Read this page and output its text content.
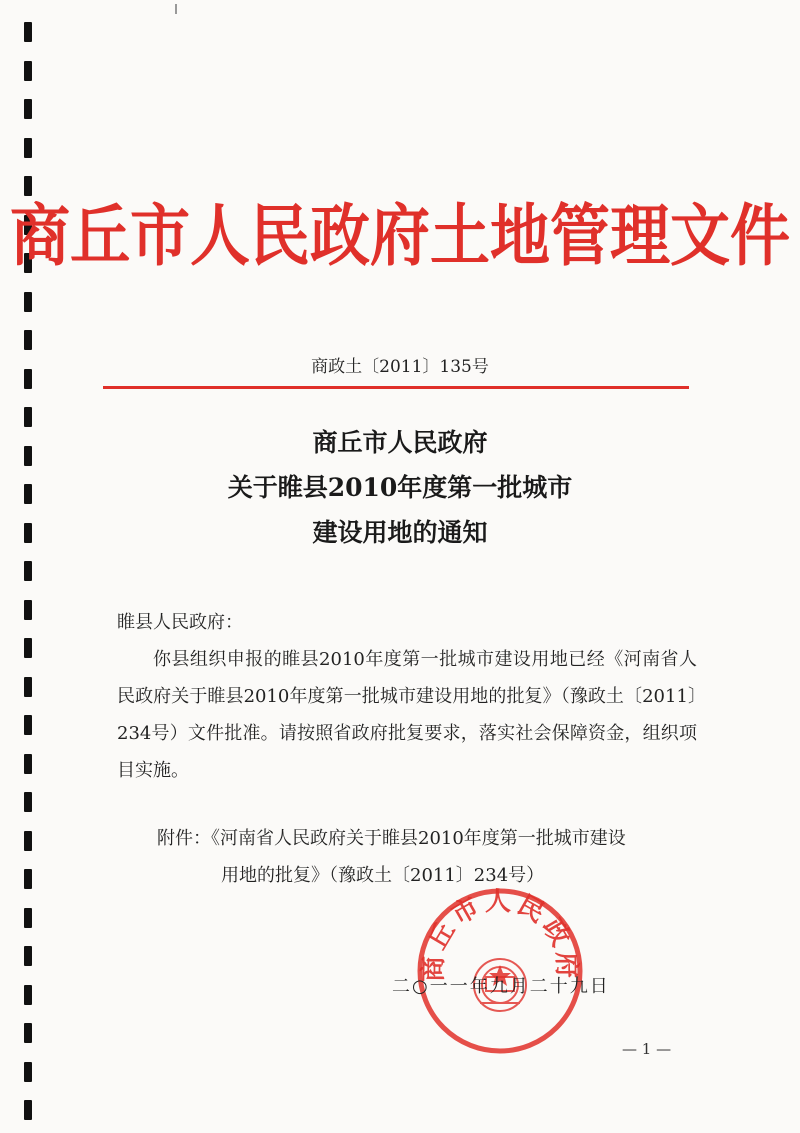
商丘市人民政府土地管理文件
商政土〔2011〕135号
商丘市人民政府
关于睢县2010年度第一批城市
建设用地的通知
睢县人民政府：
你县组织申报的睢县2010年度第一批城市建设用地已经《河南省人民政府关于睢县2010年度第一批城市建设用地的批复》（豫政土〔2011〕234号）文件批准。请按照省政府批复要求，落实社会保障资金，组织项目实施。
附件：《河南省人民政府关于睢县2010年度第一批城市建设
用地的批复》（豫政土〔2011〕234号）
商丘市人民政府
二○一一年九月二十九日
— 1 —
